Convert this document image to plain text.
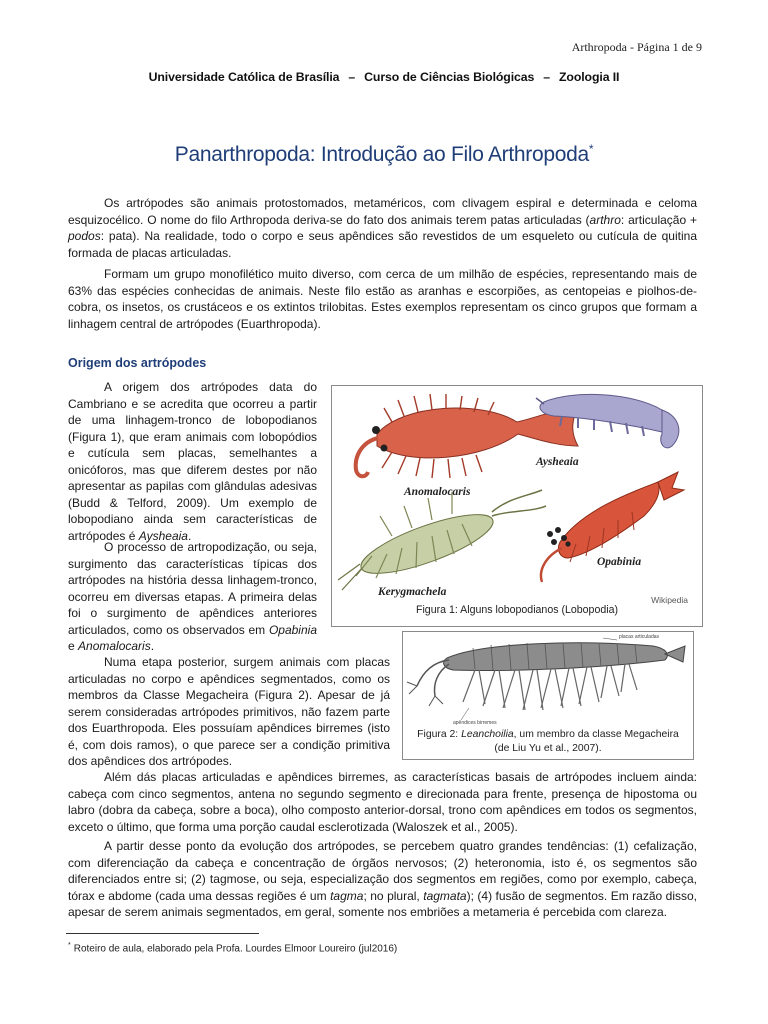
Arthropoda - Página 1 de 9
Universidade Católica de Brasília – Curso de Ciências Biológicas – Zoologia II
Panarthropoda: Introdução ao Filo Arthropoda*
Os artrópodes são animais protostomados, metaméricos, com clivagem espiral e determinada e celoma esquizocélico. O nome do filo Arthropoda deriva-se do fato dos animais terem patas articuladas (arthro: articulação + podos: pata). Na realidade, todo o corpo e seus apêndices são revestidos de um esqueleto ou cutícula de quitina formada de placas articuladas.
Formam um grupo monofilético muito diverso, com cerca de um milhão de espécies, representando mais de 63% das espécies conhecidas de animais. Neste filo estão as aranhas e escorpiões, as centopeias e piolhos-de-cobra, os insetos, os crustáceos e os extintos trilobitas. Estes exemplos representam os cinco grupos que formam a linhagem central de artrópodes (Euarthropoda).
Origem dos artrópodes
A origem dos artrópodes data do Cambriano e se acredita que ocorreu a partir de uma linhagem-tronco de lobopodianos (Figura 1), que eram animais com lobopódios e cutícula sem placas, semelhantes a onicóforos, mas que diferem destes por não apresentar as papilas com glândulas adesivas (Budd & Telford, 2009). Um exemplo de lobopodiano ainda sem características de artrópodes é Aysheaia.
O processo de artropodização, ou seja, surgimento das características típicas dos artrópodes na história dessa linhagem-tronco, ocorreu em diversas etapas. A primeira delas foi o surgimento de apêndices anteriores articulados, como os observados em Opabinia e Anomalocaris.
Numa etapa posterior, surgem animais com placas articuladas no corpo e apêndices segmentados, como os membros da Classe Megacheira (Figura 2). Apesar de já serem consideradas artrópodes primitivos, não fazem parte dos Euarthropoda. Eles possuíam apêndices birremes (isto é, com dois ramos), o que parece ser a condição primitiva dos apêndices dos artrópodes.
Além dás placas articuladas e apêndices birremes, as características basais de artrópodes incluem ainda: cabeça com cinco segmentos, antena no segundo segmento e direcionada para frente, presença de hipostoma ou labro (dobra da cabeça, sobre a boca), olho composto anterior-dorsal, trono com apêndices em todos os segmentos, exceto o último, que forma uma porção caudal esclerotizada (Waloszek et al., 2005).
A partir desse ponto da evolução dos artrópodes, se percebem quatro grandes tendências: (1) cefalização, com diferenciação da cabeça e concentração de órgãos nervosos; (2) heteronomia, isto é, os segmentos são diferenciados entre si; (2) tagmose, ou seja, especialização dos segmentos em regiões, como por exemplo, cabeça, tórax e abdome (cada uma dessas regiões é um tagma; no plural, tagmata); (4) fusão de segmentos. Em razão disso, apesar de serem animais segmentados, em geral, somente nos embriões a metameria é percebida com clareza.
Anomalocaris
Aysheaia
Opabinia
Kerygmachela
Wikipedia
Figura 1: Alguns lobopodianos (Lobopodia)
placas articuladas
apêndices birremes
Figura 2: Leanchoilia, um membro da classe Megacheira
(de Liu Yu et al., 2007).
* Roteiro de aula, elaborado pela Profa. Lourdes Elmoor Loureiro (jul2016)
